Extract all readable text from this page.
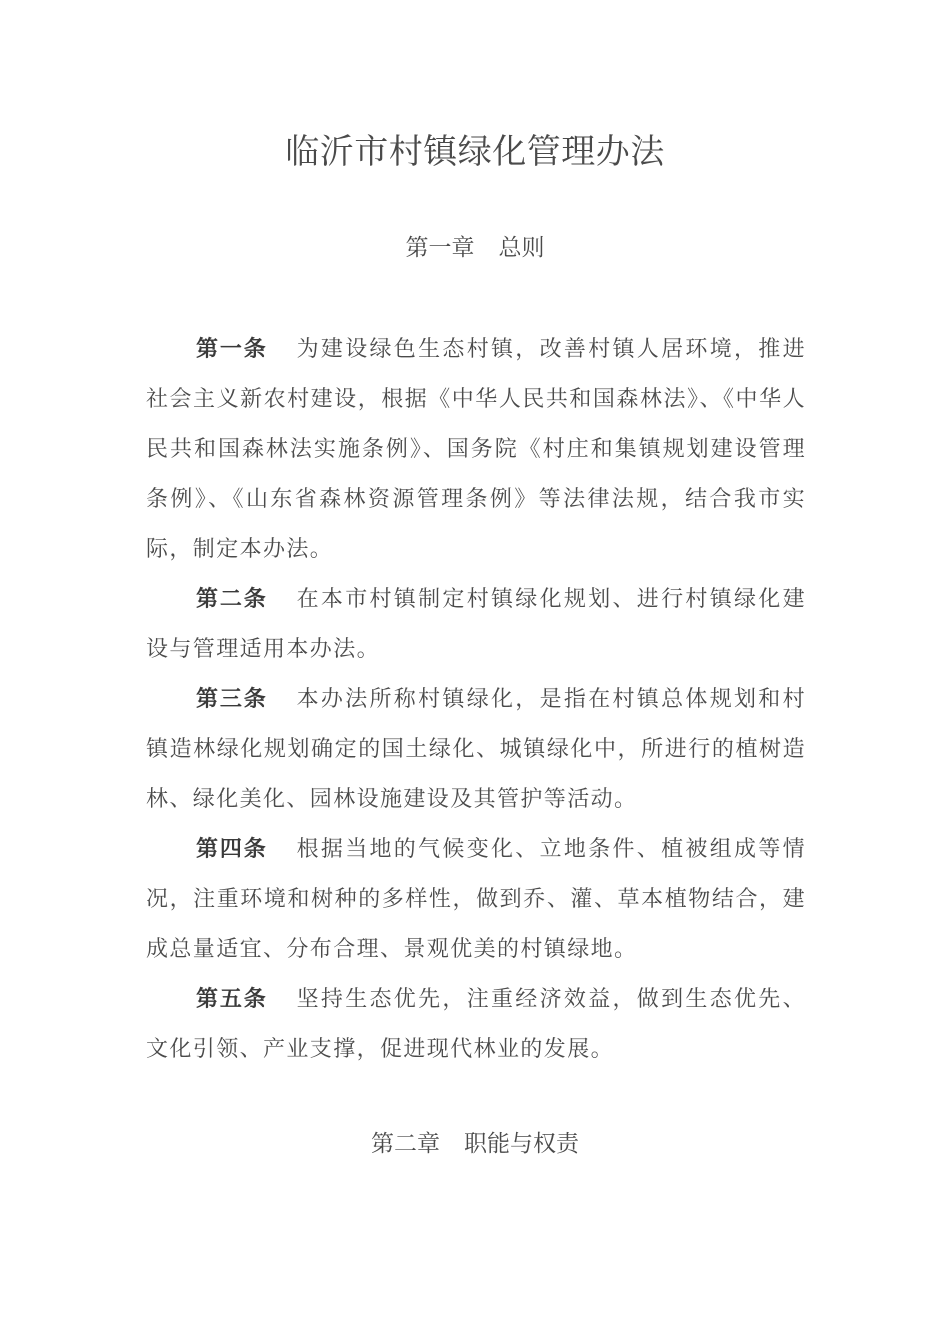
临沂市村镇绿化管理办法
第一章 总则

第一条 为建设绿色生态村镇，改善村镇人居环境，推进社会主义新农村建设，根据《中华人民共和国森林法》、《中华人民共和国森林法实施条例》、国务院《村庄和集镇规划建设管理条例》、《山东省森林资源管理条例》等法律法规，结合我市实际，制定本办法。

第二条 在本市村镇制定村镇绿化规划、进行村镇绿化建设与管理适用本办法。

第三条 本办法所称村镇绿化，是指在村镇总体规划和村镇造林绿化规划确定的国土绿化、城镇绿化中，所进行的植树造林、绿化美化、园林设施建设及其管护等活动。

第四条 根据当地的气候变化、立地条件、植被组成等情况，注重环境和树种的多样性，做到乔、灌、草本植物结合，建成总量适宜、分布合理、景观优美的村镇绿地。

第五条 坚持生态优先，注重经济效益，做到生态优先、文化引领、产业支撑，促进现代林业的发展。

第二章 职能与权责
